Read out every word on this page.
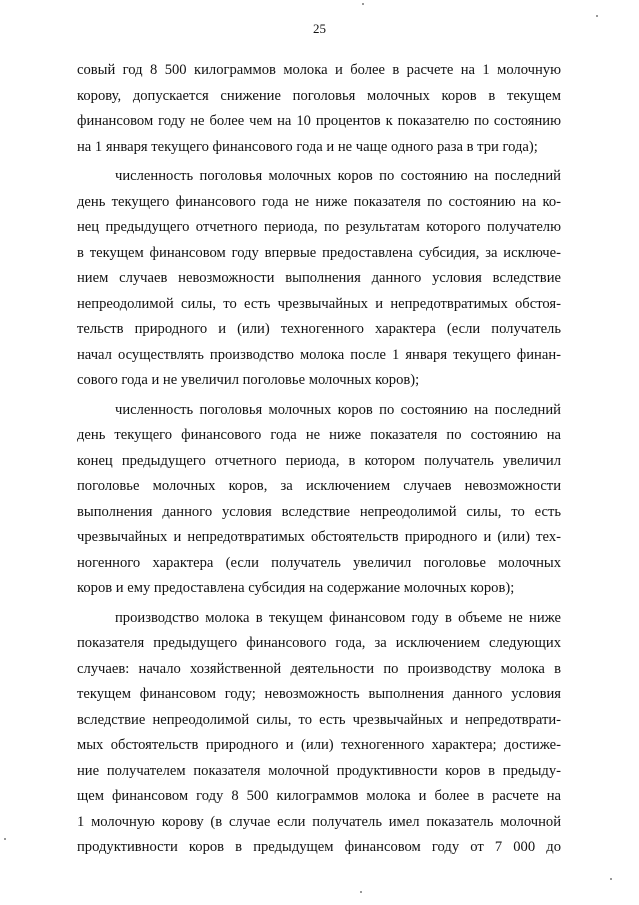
25
совый год 8 500 килограммов молока и более в расчете на 1 молочную
корову, допускается снижение поголовья молочных коров в текущем
финансовом году не более чем на 10 процентов к показателю по состоянию
на 1 января текущего финансового года и не чаще одного раза в три года);
численность поголовья молочных коров по состоянию на последний
день текущего финансового года не ниже показателя по состоянию на ко-
нец предыдущего отчетного периода, по результатам которого получателю
в текущем финансовом году впервые предоставлена субсидия, за исключе-
нием случаев невозможности выполнения данного условия вследствие
непреодолимой силы, то есть чрезвычайных и непредотвратимых обстоя-
тельств природного и (или) техногенного характера (если получатель
начал осуществлять производство молока после 1 января текущего финан-
сового года и не увеличил поголовье молочных коров);
численность поголовья молочных коров по состоянию на последний
день текущего финансового года не ниже показателя по состоянию на
конец предыдущего отчетного периода, в котором получатель увеличил
поголовье молочных коров, за исключением случаев невозможности
выполнения данного условия вследствие непреодолимой силы, то есть
чрезвычайных и непредотвратимых обстоятельств природного и (или) тех-
ногенного характера (если получатель увеличил поголовье молочных
коров и ему предоставлена субсидия на содержание молочных коров);
производство молока в текущем финансовом году в объеме не ниже
показателя предыдущего финансового года, за исключением следующих
случаев: начало хозяйственной деятельности по производству молока в
текущем финансовом году; невозможность выполнения данного условия
вследствие непреодолимой силы, то есть чрезвычайных и непредотврати-
мых обстоятельств природного и (или) техногенного характера; достиже-
ние получателем показателя молочной продуктивности коров в предыду-
щем финансовом году 8 500 килограммов молока и более в расчете на
1 молочную корову (в случае если получатель имел показатель молочной
продуктивности коров в предыдущем финансовом году от 7 000 до
